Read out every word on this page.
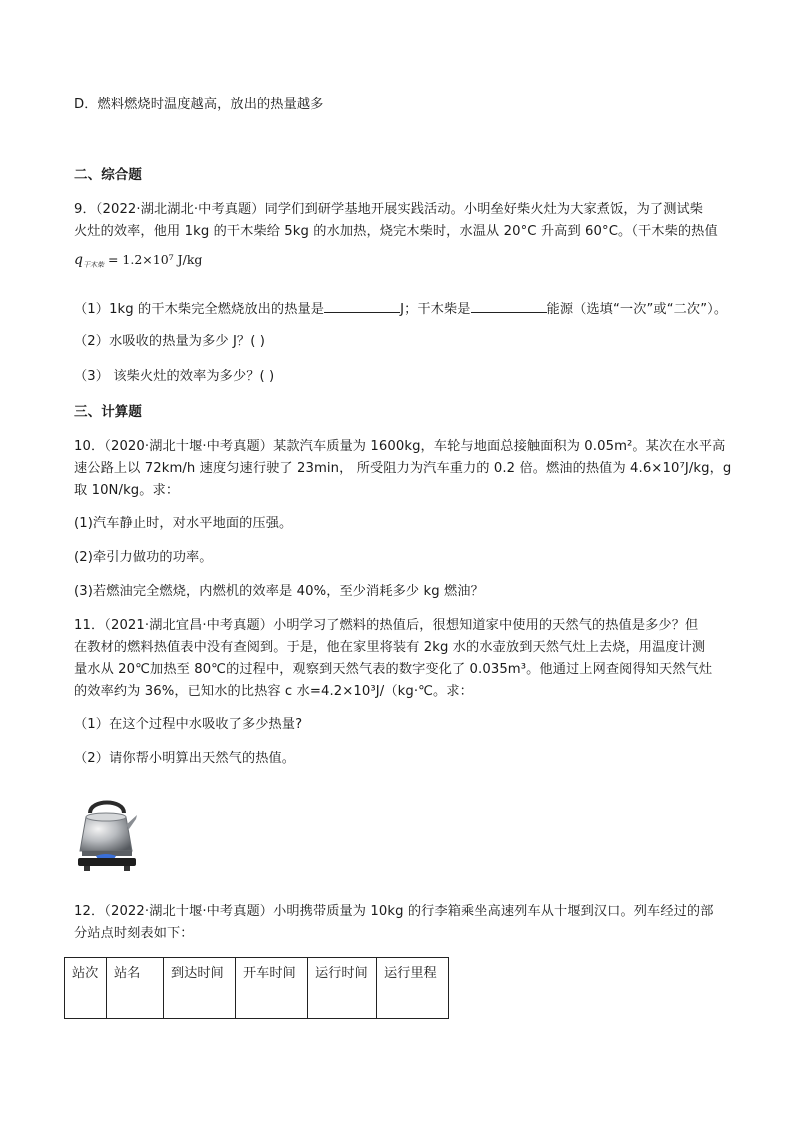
D．燃料燃烧时温度越高，放出的热量越多
二、综合题
9．（2022·湖北湖北·中考真题）同学们到研学基地开展实践活动。小明垒好柴火灶为大家煮饭，为了测试柴
火灶的效率，他用 1kg 的干木柴给 5kg 的水加热，烧完木柴时，水温从 20°C 升高到 60°C。（干木柴的热值
$q_{干木柴} = 1.2\times 10^7$ J/kg
（1）1kg 的干木柴完全燃烧放出的热量是	J；干木柴是	能源（选填“一次”或“二次”）。
（2）水吸收的热量为多少 J？( )
（3） 该柴火灶的效率为多少？( )
三、计算题
10．（2020·湖北十堰·中考真题）某款汽车质量为 1600kg，车轮与地面总接触面积为 0.05m²。某次在水平高
速公路上以 72km/h 速度匀速行驶了 23min， 所受阻力为汽车重力的 0.2 倍。燃油的热值为 4.6×10⁷J/kg，g
取 10N/kg。求：
(1)汽车静止时，对水平地面的压强。
(2)牵引力做功的功率。
(3)若燃油完全燃烧，内燃机的效率是 40%，至少消耗多少 kg 燃油？
11．（2021·湖北宜昌·中考真题）小明学习了燃料的热值后，很想知道家中使用的天然气的热值是多少？但
在教材的燃料热值表中没有查阅到。于是，他在家里将装有 2kg 水的水壶放到天然气灶上去烧，用温度计测
量水从 20℃加热至 80℃的过程中，观察到天然气表的数字变化了 0.035m³。他通过上网查阅得知天然气灶
的效率约为 36%，已知水的比热容 c 水=4.2×10³J/（kg·℃。求：
（1）在这个过程中水吸收了多少热量?
（2）请你帮小明算出天然气的热值。
12．（2022·湖北十堰·中考真题）小明携带质量为 10kg 的行李箱乘坐高速列车从十堰到汉口。列车经过的部
分站点时刻表如下：
站次	站名	到达时间	开车时间	运行时间	运行里程
